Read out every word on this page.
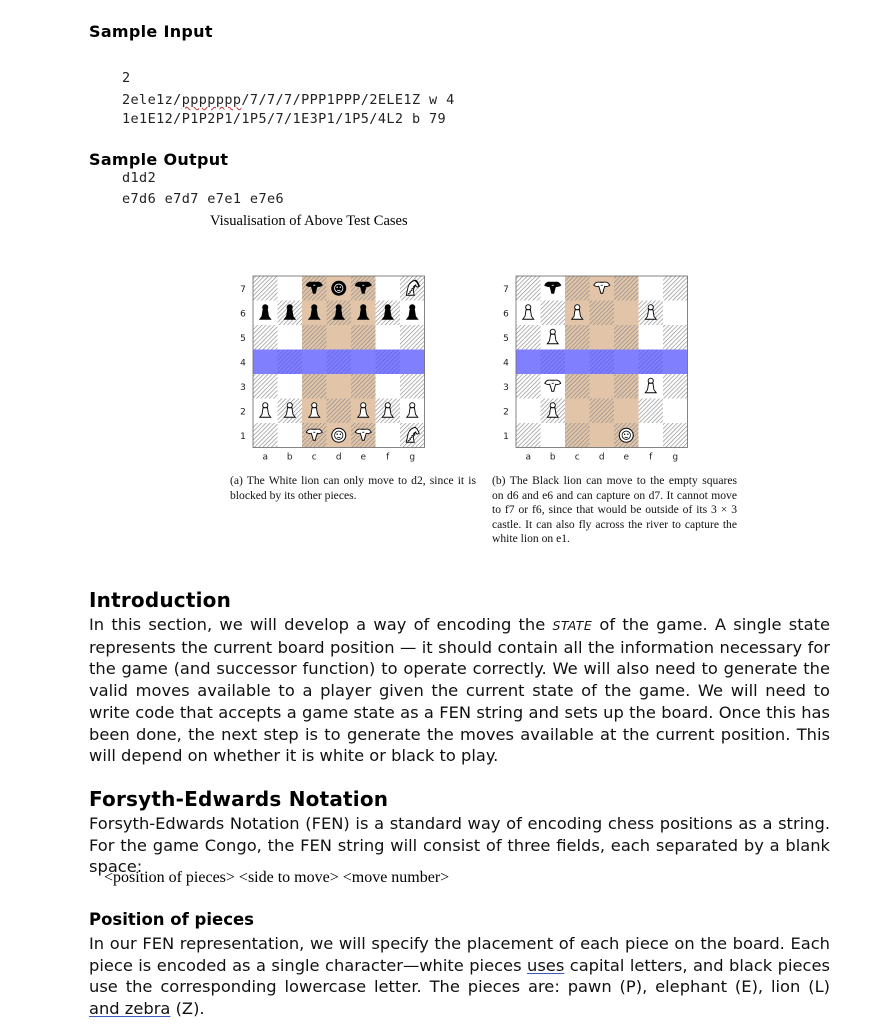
Sample Input
2
2ele1z/ppppppp/7/7/7/PPP1PPP/2ELE1Z w 4
1e1E12/P1P2P1/1P5/7/1E3P1/1P5/4L2 b 79
Sample Output
d1d2
e7d6 e7d7 e7e1 e7e6
Visualisation of Above Test Cases
7
6
5
4
3
2
1
a b c d e f g
7
6
5
4
3
2
1
a b c d e f g
(a) The White lion can only move to d2, since it is blocked by its other pieces.
(b) The Black lion can move to the empty squares on d6 and e6 and can capture on d7. It cannot move to f7 or f6, since that would be outside of its 3 × 3 castle. It can also fly across the river to capture the white lion on e1.
Introduction
In this section, we will develop a way of encoding the STATE of the game. A single state represents the current board position — it should contain all the information necessary for the game (and successor function) to operate correctly. We will also need to generate the valid moves available to a player given the current state of the game. We will need to write code that accepts a game state as a FEN string and sets up the board. Once this has been done, the next step is to generate the moves available at the current position. This will depend on whether it is white or black to play.
Forsyth-Edwards Notation
Forsyth-Edwards Notation (FEN) is a standard way of encoding chess positions as a string. For the game Congo, the FEN string will consist of three fields, each separated by a blank space:
<position of pieces> <side to move> <move number>
Position of pieces
In our FEN representation, we will specify the placement of each piece on the board. Each piece is encoded as a single character—white pieces uses capital letters, and black pieces use the corresponding lowercase letter. The pieces are: pawn (P), elephant (E), lion (L) and zebra (Z).
